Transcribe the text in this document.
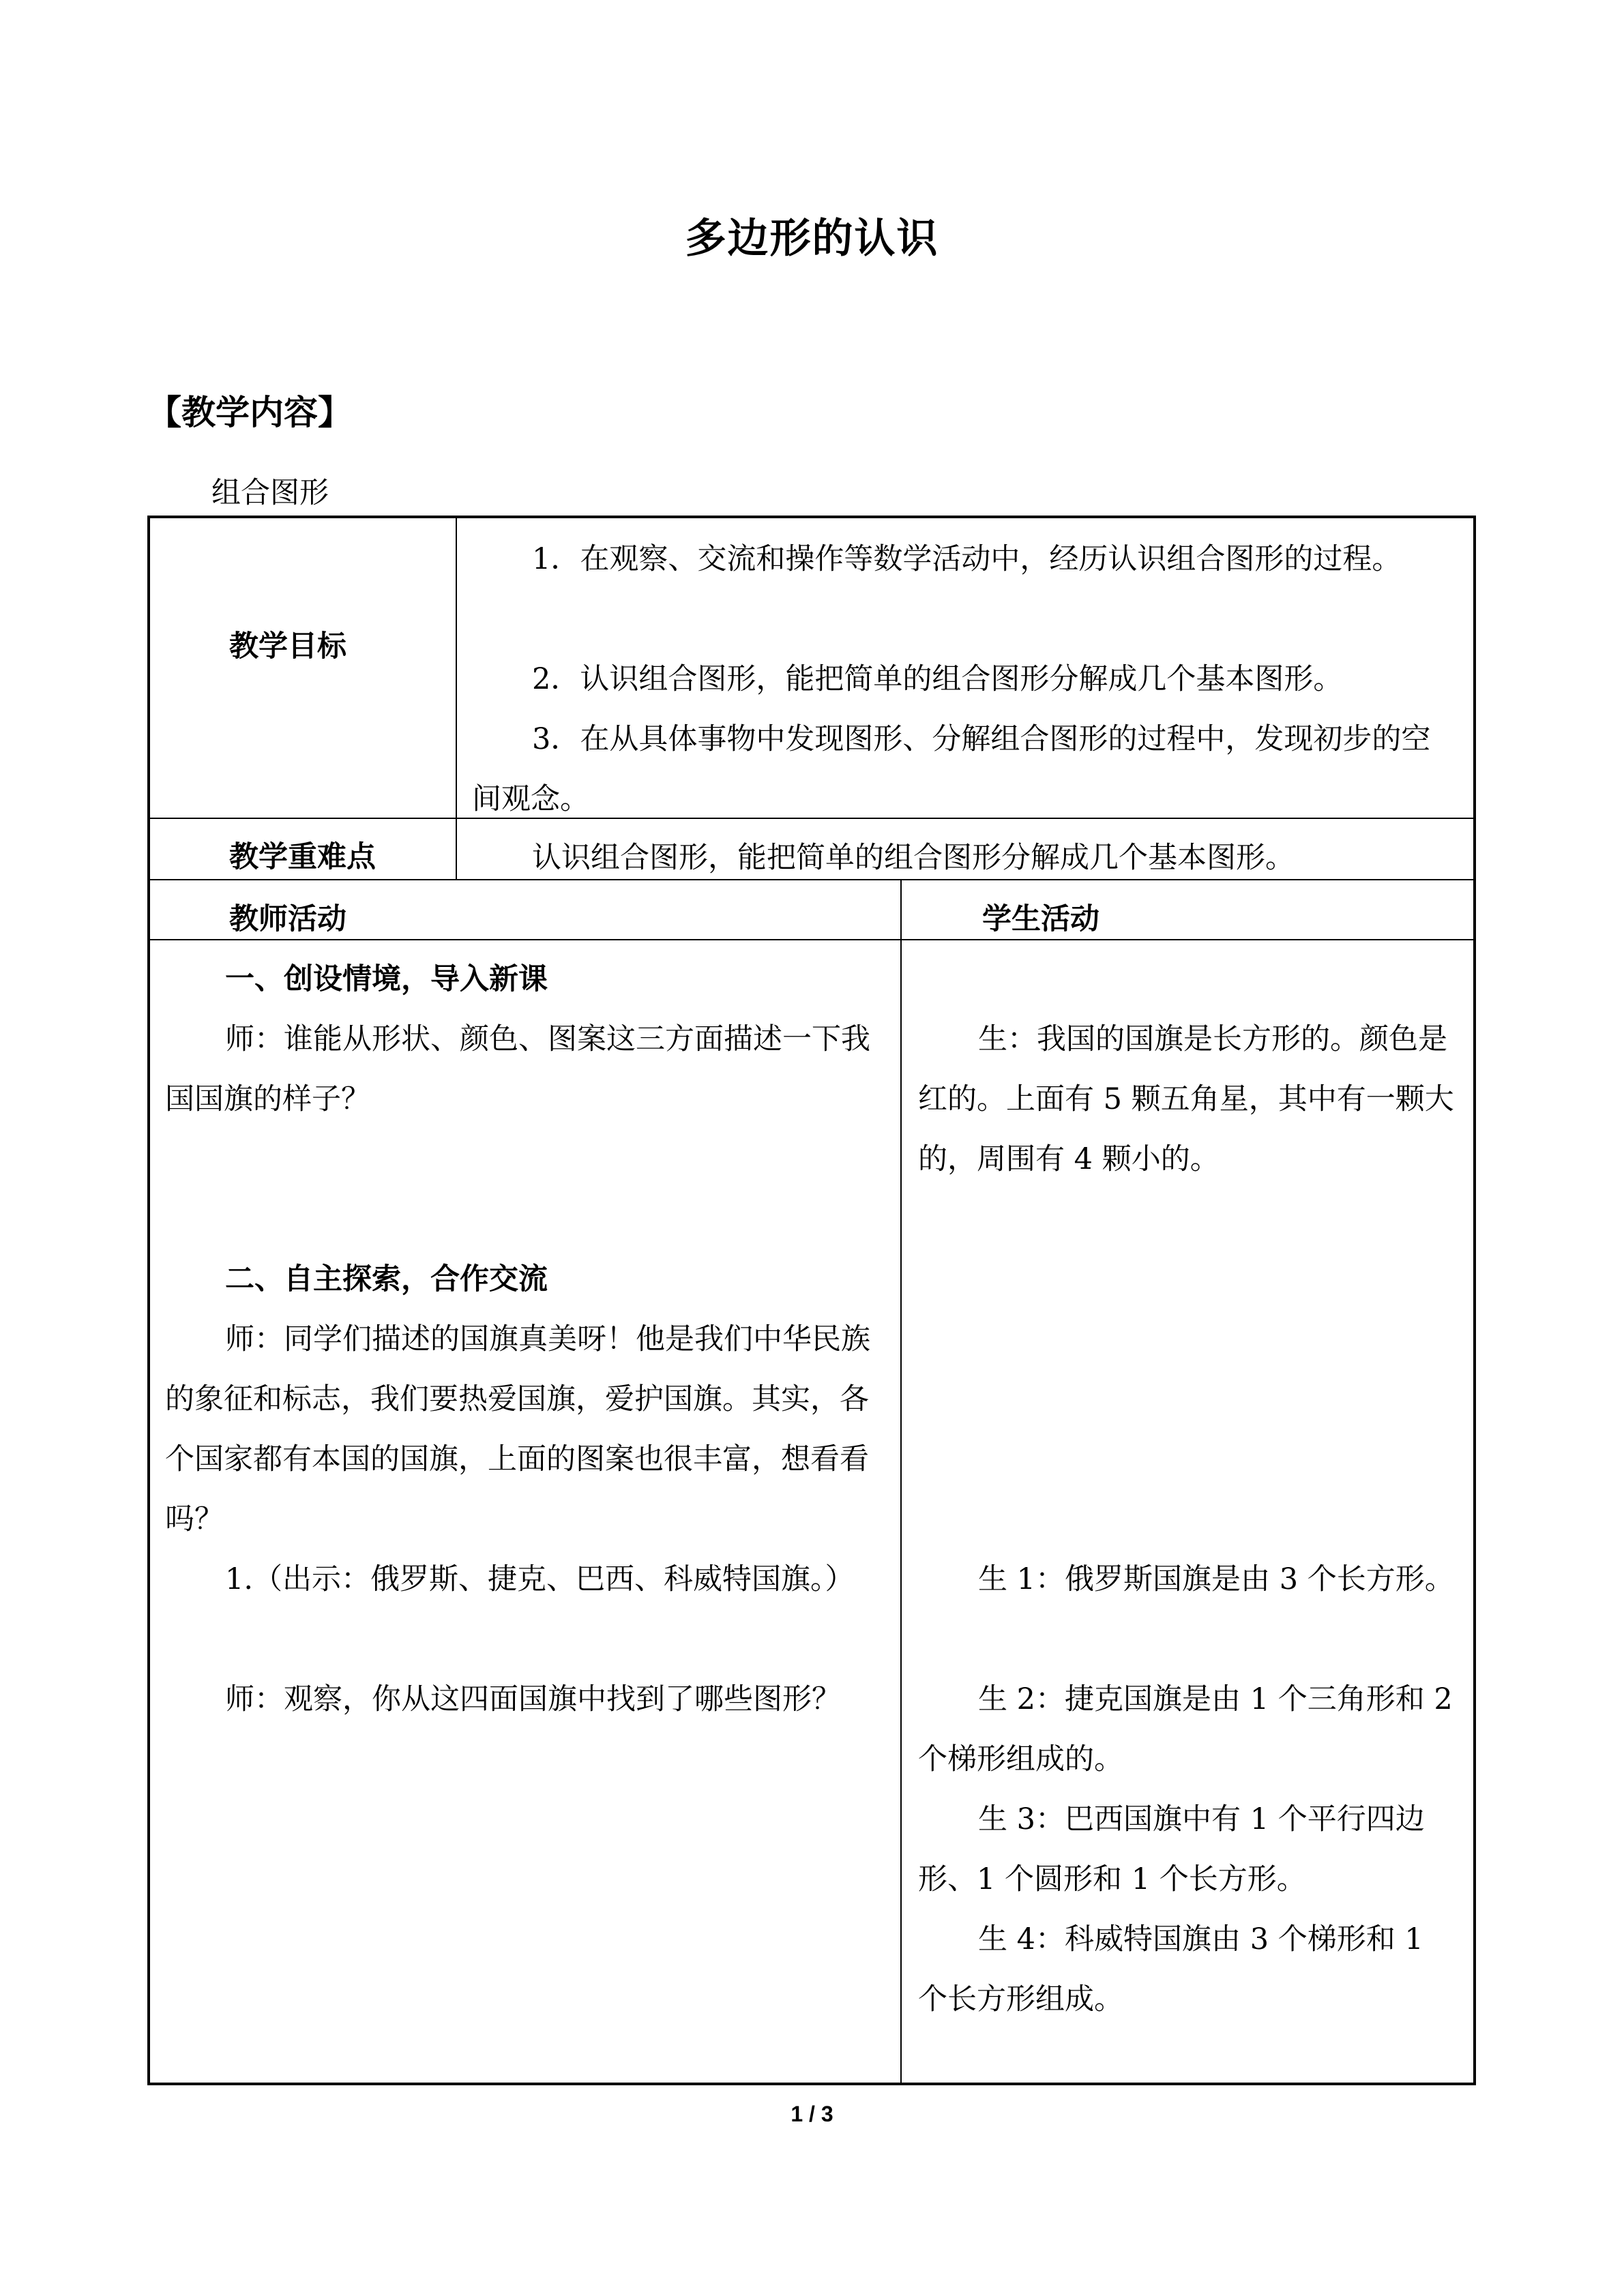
多边形的认识
【教学内容】
组合图形
教学目标

1．在观察、交流和操作等数学活动中，经历认识组合图形的过程。

2．认识组合图形，能把简单的组合图形分解成几个基本图形。

3．在从具体事物中发现图形、分解组合图形的过程中，发现初步的空间观念。

教学重难点	认识组合图形，能把简单的组合图形分解成几个基本图形。

教师活动	学生活动

一、创设情境，导入新课

师：谁能从形状、颜色、图案这三方面描述一下我国国旗的样子？

二、自主探索，合作交流

师：同学们描述的国旗真美呀！他是我们中华民族的象征和标志，我们要热爱国旗，爱护国旗。其实，各个国家都有本国的国旗，上面的图案也很丰富，想看看吗？

1.（出示：俄罗斯、捷克、巴西、科威特国旗。）

师：观察，你从这四面国旗中找到了哪些图形？

生：我国的国旗是长方形的。颜色是红的。上面有 5 颗五角星，其中有一颗大的，周围有 4 颗小的。

生 1：俄罗斯国旗是由 3 个长方形。

生 2：捷克国旗是由 1 个三角形和 2 个梯形组成的。

生 3：巴西国旗中有 1 个平行四边形、1 个圆形和 1 个长方形。

生 4：科威特国旗由 3 个梯形和 1 个长方形组成。

1 / 3
